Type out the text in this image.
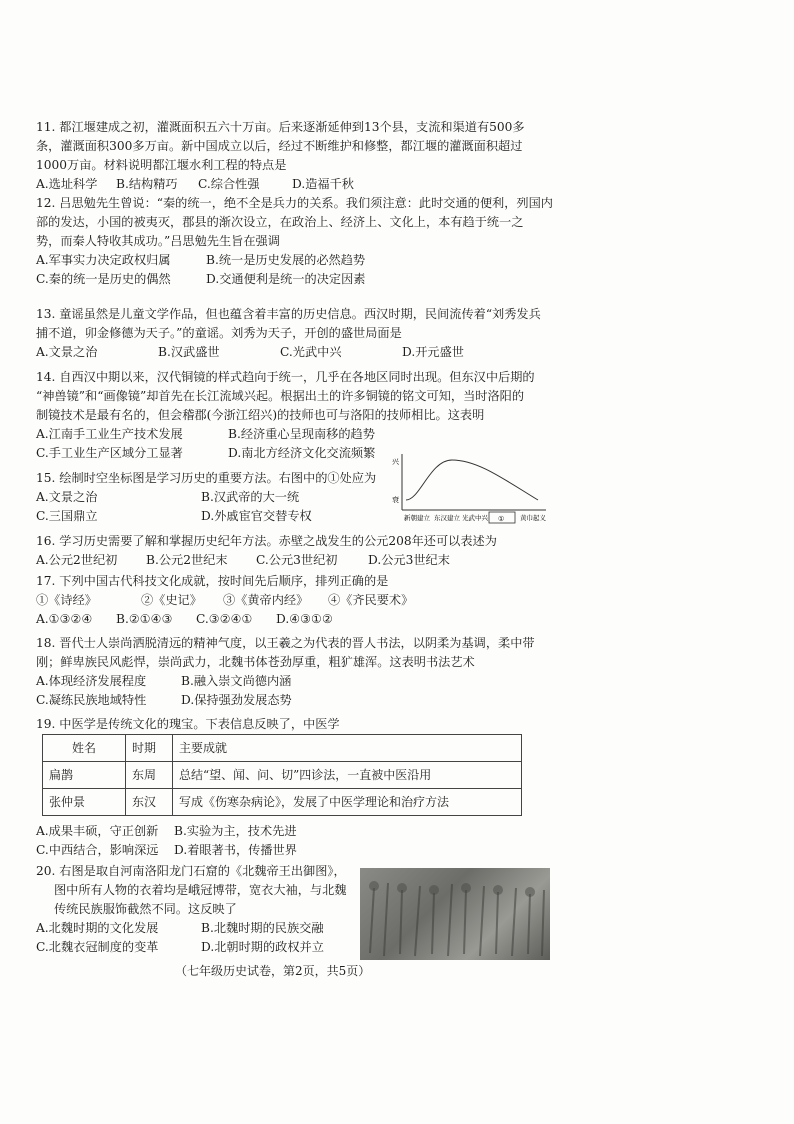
11. 都江堰建成之初，灌溉面积五六十万亩。后来逐渐延伸到13个县，支流和渠道有500多
条，灌溉面积300多万亩。新中国成立以后，经过不断维护和修整，都江堰的灌溉面积超过
1000万亩。材料说明都江堰水利工程的特点是
A.选址科学	B.结构精巧	C.综合性强	D.造福千秋
12. 吕思勉先生曾说：“秦的统一，绝不全是兵力的关系。我们须注意：此时交通的便利，列国内
部的发达，小国的被夷灭，郡县的渐次设立，在政治上、经济上、文化上，本有趋于统一之
势，而秦人特收其成功。”吕思勉先生旨在强调
A.军事实力决定政权归属	B.统一是历史发展的必然趋势
C.秦的统一是历史的偶然	D.交通便利是统一的决定因素
13. 童谣虽然是儿童文学作品，但也蕴含着丰富的历史信息。西汉时期，民间流传着“刘秀发兵
捕不道，卯金修德为天子。”的童谣。刘秀为天子，开创的盛世局面是
A.文景之治	B.汉武盛世	C.光武中兴	D.开元盛世
14. 自西汉中期以来，汉代铜镜的样式趋向于统一，几乎在各地区同时出现。但东汉中后期的
“神兽镜”和“画像镜”却首先在长江流域兴起。根据出土的许多铜镜的铭文可知，当时洛阳的
制镜技术是最有名的，但会稽郡(今浙江绍兴)的技师也可与洛阳的技师相比。这表明
A.江南手工业生产技术发展	B.经济重心呈现南移的趋势
C.手工业生产区域分工显著	D.南北方经济文化交流频繁
15. 绘制时空坐标图是学习历史的重要方法。右图中的①处应为
A.文景之治	B.汉武帝的大一统
C.三国鼎立	D.外戚宦官交替专权
兴
衰
新朝建立 东汉建立 光武中兴 ① 黄巾起义
16. 学习历史需要了解和掌握历史纪年方法。赤壁之战发生的公元208年还可以表述为
A.公元2世纪初	B.公元2世纪末	C.公元3世纪初	D.公元3世纪末
17. 下列中国古代科技文化成就，按时间先后顺序，排列正确的是
①《诗经》	②《史记》	③《黄帝内经》	④《齐民要术》
A.①③②④	B.②①④③	C.③②④①	D.④③①②
18. 晋代士人崇尚洒脱清远的精神气度，以王羲之为代表的晋人书法，以阴柔为基调，柔中带
刚；鲜卑族民风彪悍，崇尚武力，北魏书体苍劲厚重，粗犷雄浑。这表明书法艺术
A.体现经济发展程度	B.融入崇文尚德内涵
C.凝练民族地域特性	D.保持强劲发展态势
19. 中医学是传统文化的瑰宝。下表信息反映了，中医学
姓名	时期	主要成就
扁鹊	东周	总结“望、闻、问、切”四诊法，一直被中医沿用
张仲景	东汉	写成《伤寒杂病论》，发展了中医学理论和治疗方法
A.成果丰硕，守正创新	B.实验为主，技术先进
C.中西结合，影响深远	D.着眼著书，传播世界
20. 右图是取自河南洛阳龙门石窟的《北魏帝王出御图》，
图中所有人物的衣着均是峨冠博带，宽衣大袖，与北魏
传统民族服饰截然不同。这反映了
A.北魏时期的文化发展	B.北魏时期的民族交融
C.北魏衣冠制度的变革	D.北朝时期的政权并立
（七年级历史试卷，第2页，共5页）
